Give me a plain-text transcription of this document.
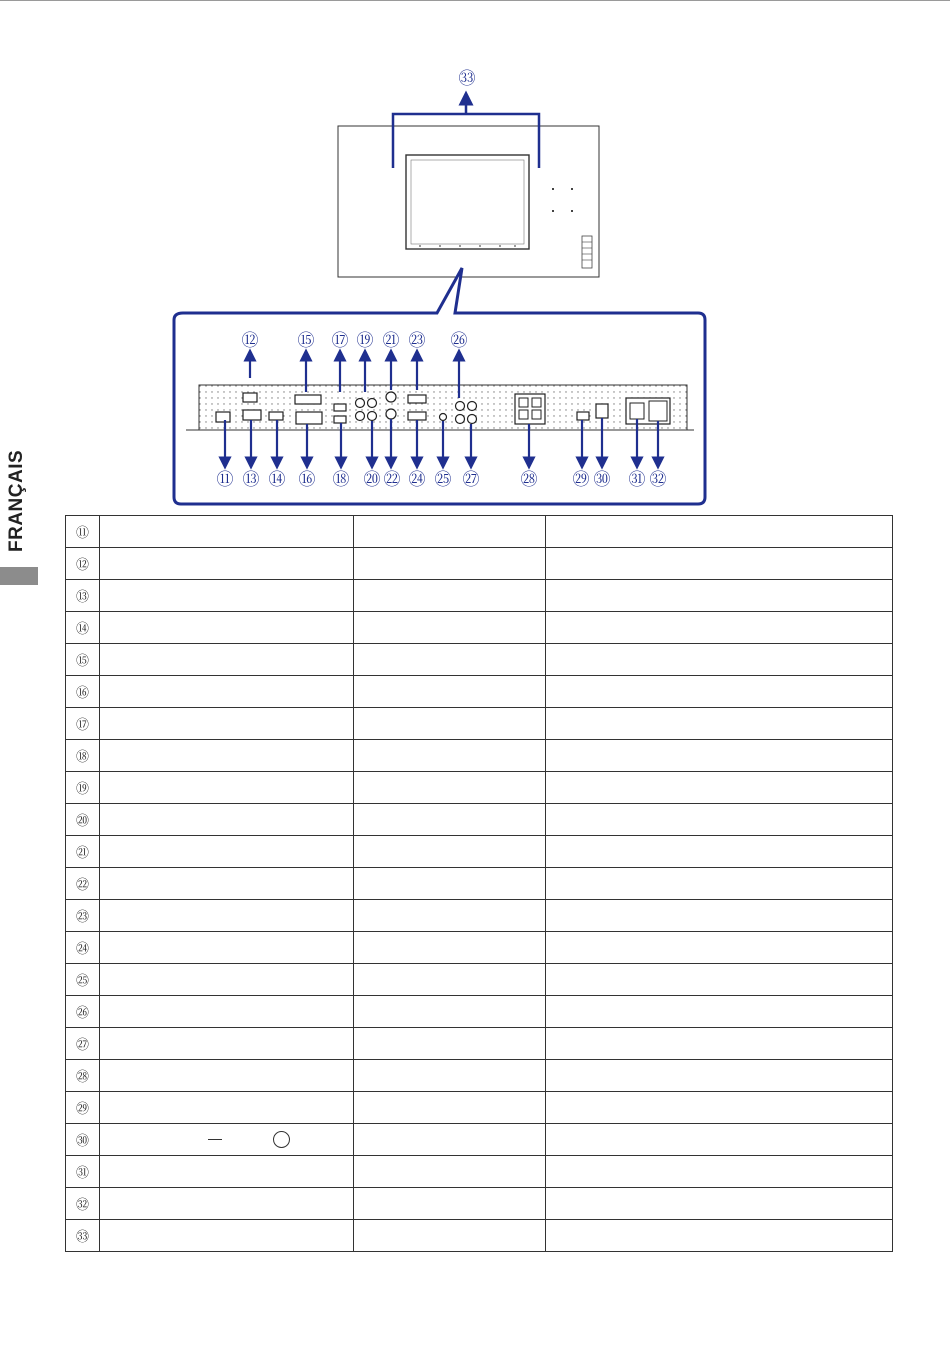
FRANÇAIS
㉝
⑫ ⑮ ⑰ ⑲ ㉑ ㉓ ㉖
⑪ ⑬ ⑭ ⑯ ⑱ ⑳ ㉒ ㉔ ㉕ ㉗ ㉘ ㉙ ㉚ ㉛ ㉜
⑪			
⑫			
⑬			
⑭			
⑮			
⑯			
⑰			
⑱			
⑲			
⑳			
㉑			
㉒			
㉓			
㉔			
㉕			
㉖			
㉗			
㉘			
㉙			
㉚	

㉛			
㉜			
㉝			
